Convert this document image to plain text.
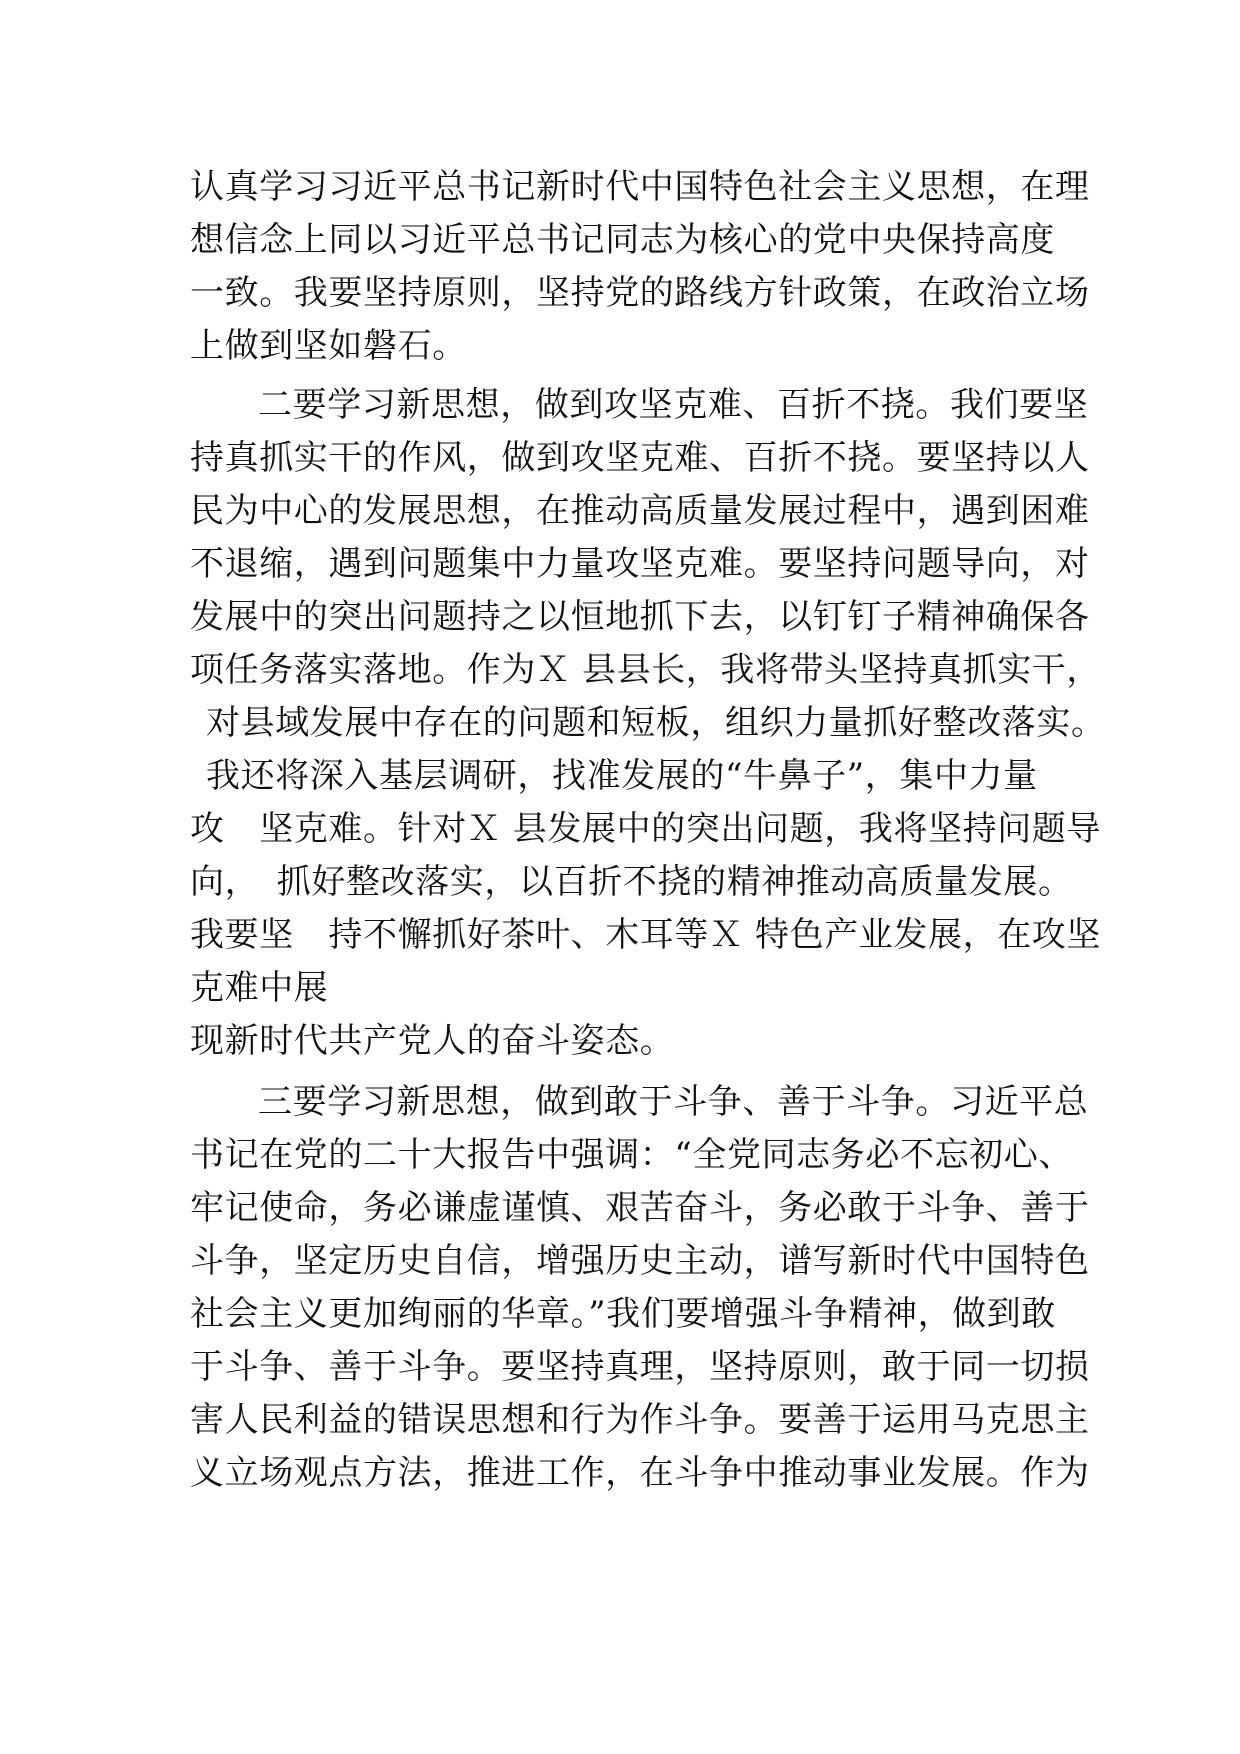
认真学习习近平总书记新时代中国特色社会主义思想，在理

想信念上同以习近平总书记同志为核心的党中央保持高度

一致。我要坚持原则，坚持党的路线方针政策，在政治立场

上做到坚如磐石。

二要学习新思想，做到攻坚克难、百折不挠。我们要坚

持真抓实干的作风，做到攻坚克难、百折不挠。要坚持以人

民为中心的发展思想，在推动高质量发展过程中，遇到困难

不退缩，遇到问题集中力量攻坚克难。要坚持问题导向，对

发展中的突出问题持之以恒地抓下去，以钉钉子精神确保各

项任务落实落地。作为Ｘ 县县长，我将带头坚持真抓实干，

对县域发展中存在的问题和短板，组织力量抓好整改落实。

我还将深入基层调研，找准发展的“牛鼻子”，集中力量

攻　坚克难。针对Ｘ 县发展中的突出问题，我将坚持问题导

向，　抓好整改落实，以百折不挠的精神推动高质量发展。

我要坚　持不懈抓好茶叶、木耳等Ｘ 特色产业发展，在攻坚

克难中展

现新时代共产党人的奋斗姿态。

三要学习新思想，做到敢于斗争、善于斗争。习近平总

书记在党的二十大报告中强调：“全党同志务必不忘初心、

牢记使命，务必谦虚谨慎、艰苦奋斗，务必敢于斗争、善于

斗争，坚定历史自信，增强历史主动，谱写新时代中国特色

社会主义更加绚丽的华章。”我们要增强斗争精神，做到敢

于斗争、善于斗争。要坚持真理，坚持原则，敢于同一切损

害人民利益的错误思想和行为作斗争。要善于运用马克思主

义立场观点方法，推进工作，在斗争中推动事业发展。作为
